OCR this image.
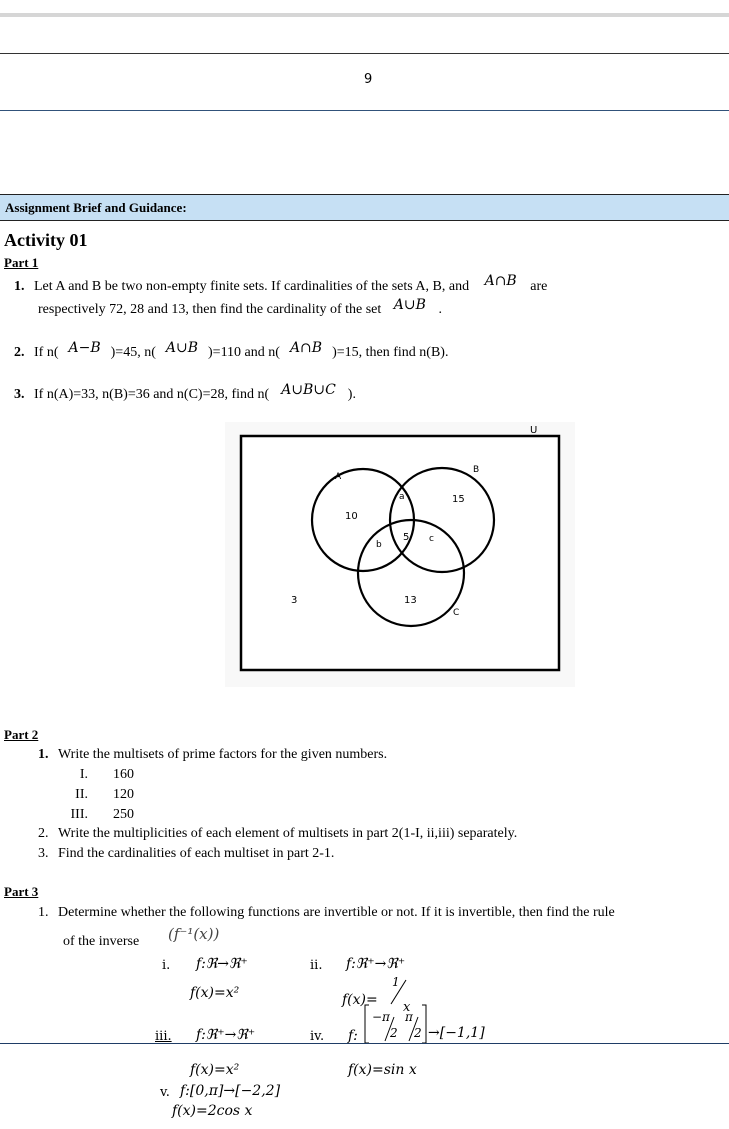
9
Assignment Brief and Guidance:
Activity 01
Part 1
1. Let A and B be two non-empty finite sets. If cardinalities of the sets A, B, and A∩B are
respectively 72, 28 and 13, then find the cardinality of the set A∪B .
2. If n( A−B )=45, n( A∪B )=110 and n( A∩B )=15, then find n(B).
3. If n(A)=33, n(B)=36 and n(C)=28, find n( A∪B∪C ).
U
A
B
C
10
15
13
5
a
b
c
3
Part 2
1. Write the multisets of prime factors for the given numbers.
I. 160
II. 120
III. 250
2. Write the multiplicities of each element of multisets in part 2(1-I, ii,iii) separately.
3. Find the cardinalities of each multiset in part 2-1.
Part 3
1. Determine whether the following functions are invertible or not. If it is invertible, then find the rule
of the inverse (f⁻¹(x))
i. f:ℜ→ℜ⁺
f(x)=x²
ii. f:ℜ⁺→ℜ⁺
f(x)=
1
x
iii. f:ℜ⁺→ℜ⁺	iv. f:
−π
2
π
2 →[−1,1]
f(x)=x²	f(x)=sin x
v. f:[0,π]→[−2,2]
f(x)=2cos x
